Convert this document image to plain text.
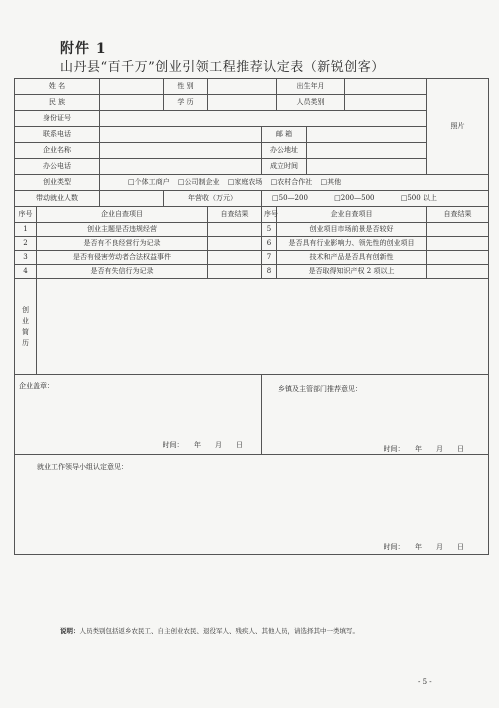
附件 1
山丹县“百千万”创业引领工程推荐认定表（新锐创客）
姓 名			性 别			出生年月			照片
民 族			学 历			人员类别			
身份证号									
联系电话					邮 箱				
企业名称					办公地址				
办公电话					成立时间				
创业类型		□个体工商户 □公司制企业 □家庭农场 □农村合作社 □其他							
带动就业人数			年营收（万元）		□50—200 □200—500 □500 以上				
序号	企业自查项目			自查结果	序号	企业自查项目			自查结果
1	创业主题是否违规经营				5	创业项目市场前景是否较好			
2	是否有不良经营行为记录				6	是否具有行业影响力、领先性的创业项目			
3	是否有侵害劳动者合法权益事件				7	技术和产品是否具有创新性			
4	是否有失信行为记录				8	是否取得知识产权 2 项以上			
创业简历									
企业盖章：					乡镇及主管部门推荐意见：				
时间：　　年　　月　　日					时间：　　年　　月　　日				
就业工作领导小组认定意见：
时间：　　年　　月　　日									
说明：人员类别包括返乡农民工、自主创业农民、退役军人、残疾人、其他人员，请选择其中一类填写。
- 5 -
